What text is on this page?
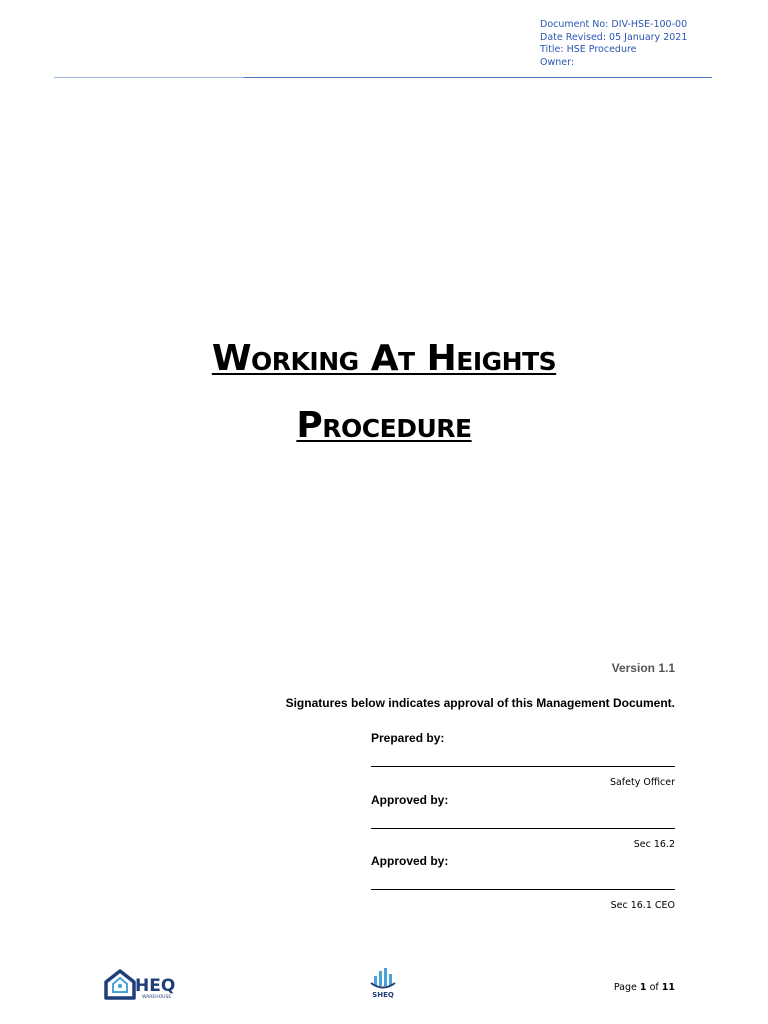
Document No: DIV-HSE-100-00
Date Revised: 05 January 2021
Title: HSE Procedure
Owner:
Working At Heights
Procedure
Version 1.1
Signatures below indicates approval of this Management Document.
Prepared by:
Safety Officer
Approved by:
Sec 16.2
Approved by:
Sec 16.1 CEO
HEQ
WAREHOUSE	SHEQ
Page 1 of 11
